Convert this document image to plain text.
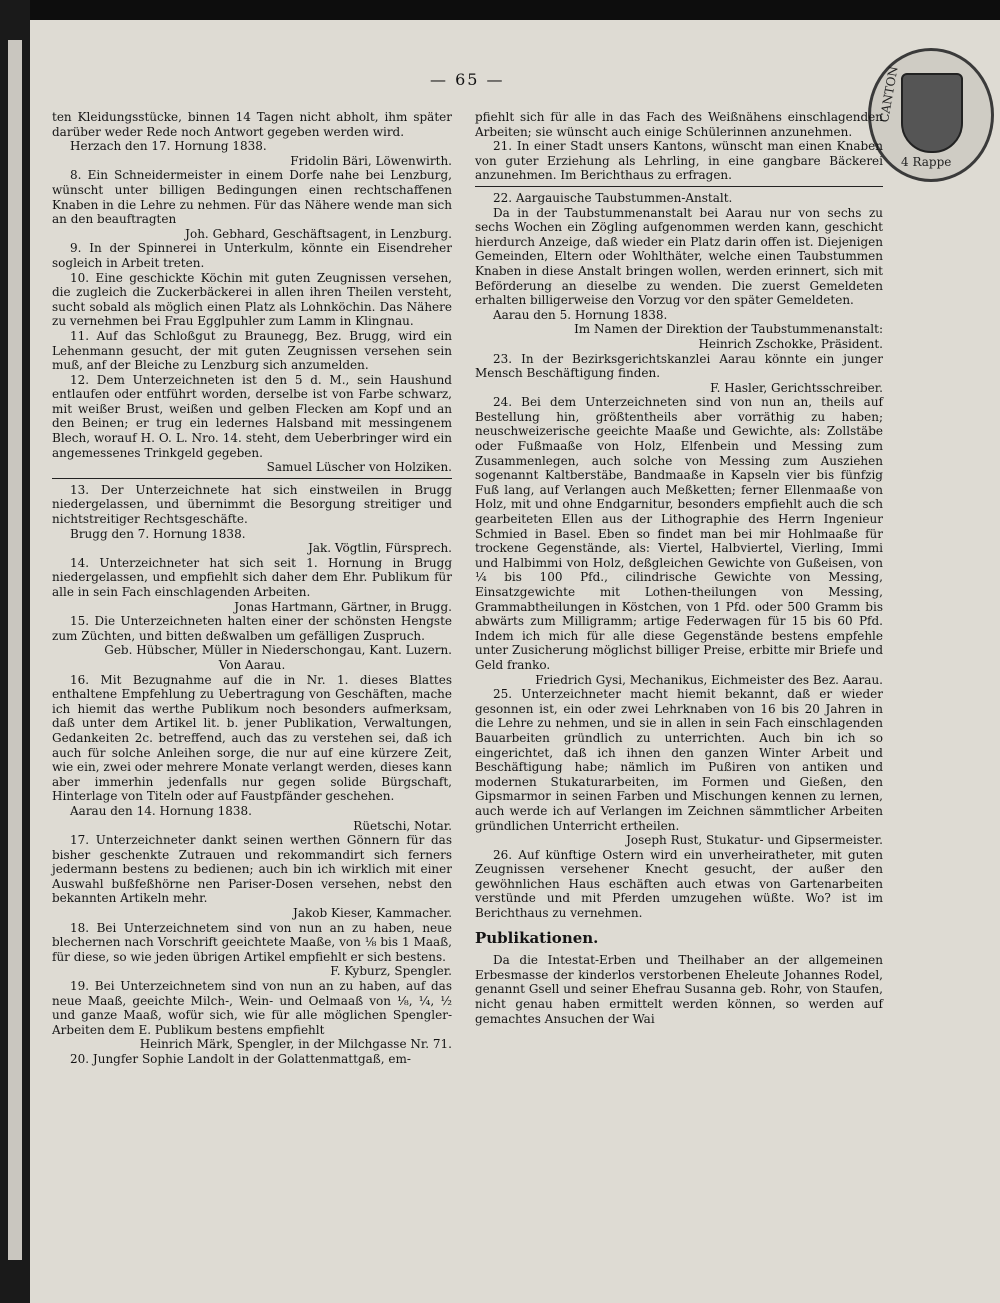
— 65 —	CANTON
4 Rappe

ten Kleidungsstücke, binnen 14 Tagen nicht abholt, ihm später darüber weder Rede noch Antwort gegeben werden wird.

Herzach den 17. Hornung 1838.

Fridolin Bäri, Löwenwirth.

8. Ein Schneidermeister in einem Dorfe nahe bei Lenzburg, wünscht unter billigen Bedingungen einen rechtschaffenen Knaben in die Lehre zu nehmen. Für das Nähere wende man sich an den beauftragten

Joh. Gebhard, Geschäftsagent, in Lenzburg.

9. In der Spinnerei in Unterkulm, könnte ein Eisendreher sogleich in Arbeit treten.

10. Eine geschickte Köchin mit guten Zeugnissen versehen, die zugleich die Zuckerbäckerei in allen ihren Theilen versteht, sucht sobald als möglich einen Platz als Lohnköchin. Das Nähere zu vernehmen bei Frau Egglpuhler zum Lamm in Klingnau.

11. Auf das Schloßgut zu Braunegg, Bez. Brugg, wird ein Lehenmann gesucht, der mit guten Zeugnissen versehen sein muß, anf der Bleiche zu Lenzburg sich anzumelden.

12. Dem Unterzeichneten ist den 5 d. M., sein Haushund entlaufen oder entführt worden, derselbe ist von Farbe schwarz, mit weißer Brust, weißen und gelben Flecken am Kopf und an den Beinen; er trug ein ledernes Halsband mit messingenem Blech, worauf H. O. L. Nro. 14. steht, dem Ueberbringer wird ein angemessenes Trinkgeld gegeben.

Samuel Lüscher von Holziken.

13. Der Unterzeichnete hat sich einstweilen in Brugg niedergelassen, und übernimmt die Besorgung streitiger und nichtstreitiger Rechtsgeschäfte.

Brugg den 7. Hornung 1838.

Jak. Vögtlin, Fürsprech.

14. Unterzeichneter hat sich seit 1. Hornung in Brugg niedergelassen, und empfiehlt sich daher dem Ehr. Publikum für alle in sein Fach einschlagenden Arbeiten.

Jonas Hartmann, Gärtner, in Brugg.

15. Die Unterzeichneten halten einer der schönsten Hengste zum Züchten, und bitten deßwalben um gefälligen Zuspruch.

Geb. Hübscher, Müller in Niederschongau, Kant. Luzern.

Von Aarau.

16. Mit Bezugnahme auf die in Nr. 1. dieses Blattes enthaltene Empfehlung zu Uebertragung von Geschäften, mache ich hiemit das werthe Publikum noch besonders aufmerksam, daß unter dem Artikel lit. b. jener Publikation, Verwaltungen, Gedankeiten 2c. betreffend, auch das zu verstehen sei, daß ich auch für solche Anleihen sorge, die nur auf eine kürzere Zeit, wie ein, zwei oder mehrere Monate verlangt werden, dieses kann aber immerhin jedenfalls nur gegen solide Bürgschaft, Hinterlage von Titeln oder auf Faustpfänder geschehen.

Aarau den 14. Hornung 1838.

Rüetschi, Notar.

17. Unterzeichneter dankt seinen werthen Gönnern für das bisher geschenkte Zutrauen und rekommandirt sich ferners jedermann bestens zu bedienen; auch bin ich wirklich mit einer Auswahl bußfeßhörne nen Pariser-Dosen versehen, nebst den bekannten Artikeln mehr.

Jakob Kieser, Kammacher.

18. Bei Unterzeichnetem sind von nun an zu haben, neue blechernen nach Vorschrift geeichtete Maaße, von ⅛ bis 1 Maaß, für diese, so wie jeden übrigen Artikel empfiehlt er sich bestens.

F. Kyburz, Spengler.

19. Bei Unterzeichnetem sind von nun an zu haben, auf das neue Maaß, geeichte Milch-, Wein- und Oelmaaß von ⅛, ¼, ½ und ganze Maaß, wofür sich, wie für alle möglichen Spengler-Arbeiten dem E. Publikum bestens empfiehlt

Heinrich Märk, Spengler, in der Milchgasse Nr. 71.

20. Jungfer Sophie Landolt in der Golattenmattgaß, em-

pfiehlt sich für alle in das Fach des Weißnähens einschlagenden Arbeiten; sie wünscht auch einige Schülerinnen anzunehmen.

21. In einer Stadt unsers Kantons, wünscht man einen Knaben von guter Erziehung als Lehrling, in eine gangbare Bäckerei anzunehmen. Im Berichthaus zu erfragen.

22. Aargauische Taubstummen-Anstalt.

Da in der Taubstummenanstalt bei Aarau nur von sechs zu sechs Wochen ein Zögling aufgenommen werden kann, geschicht hierdurch Anzeige, daß wieder ein Platz darin offen ist. Diejenigen Gemeinden, Eltern oder Wohlthäter, welche einen Taubstummen Knaben in diese Anstalt bringen wollen, werden erinnert, sich mit Beförderung an dieselbe zu wenden. Die zuerst Gemeldeten erhalten billigerweise den Vorzug vor den später Gemeldeten.

Aarau den 5. Hornung 1838.

Im Namen der Direktion der Taubstummenanstalt:

Heinrich Zschokke, Präsident.

23. In der Bezirksgerichtskanzlei Aarau könnte ein junger Mensch Beschäftigung finden.

F. Hasler, Gerichtsschreiber.

24. Bei dem Unterzeichneten sind von nun an, theils auf Bestellung hin, größtentheils aber vorräthig zu haben; neuschweizerische geeichte Maaße und Gewichte, als: Zollstäbe oder Fußmaaße von Holz, Elfenbein und Messing zum Zusammenlegen, auch solche von Messing zum Ausziehen sogenannt Kaltberstäbe, Bandmaaße in Kapseln vier bis fünfzig Fuß lang, auf Verlangen auch Meßketten; ferner Ellenmaaße von Holz, mit und ohne Endgarnitur, besonders empfiehlt auch die sch gearbeiteten Ellen aus der Lithographie des Herrn Ingenieur Schmied in Basel. Eben so findet man bei mir Hohlmaaße für trockene Gegenstände, als: Viertel, Halbviertel, Vierling, Immi und Halbimmi von Holz, deßgleichen Gewichte von Gußeisen, von ¼ bis 100 Pfd., cilindrische Gewichte von Messing, Einsatzgewichte mit Lothen-theilungen von Messing, Grammabtheilungen in Köstchen, von 1 Pfd. oder 500 Gramm bis abwärts zum Milligramm; artige Federwagen für 15 bis 60 Pfd. Indem ich mich für alle diese Gegenstände bestens empfehle unter Zusicherung möglichst billiger Preise, erbitte mir Briefe und Geld franko.

Friedrich Gysi, Mechanikus, Eichmeister des Bez. Aarau.

25. Unterzeichneter macht hiemit bekannt, daß er wieder gesonnen ist, ein oder zwei Lehrknaben von 16 bis 20 Jahren in die Lehre zu nehmen, und sie in allen in sein Fach einschlagenden Bauarbeiten gründlich zu unterrichten. Auch bin ich so eingerichtet, daß ich ihnen den ganzen Winter Arbeit und Beschäftigung habe; nämlich im Pußiren von antiken und modernen Stukaturarbeiten, im Formen und Gießen, den Gipsmarmor in seinen Farben und Mischungen kennen zu lernen, auch werde ich auf Verlangen im Zeichnen sämmtlicher Arbeiten gründlichen Unterricht ertheilen.

Joseph Rust, Stukatur- und Gipsermeister.

26. Auf künftige Ostern wird ein unverheiratheter, mit guten Zeugnissen versehener Knecht gesucht, der außer den gewöhnlichen Haus eschäften auch etwas von Gartenarbeiten verstünde und mit Pferden umzugehen wüßte. Wo? ist im Berichthaus zu vernehmen.

Publikationen.

Da die Intestat-Erben und Theilhaber an der allgemeinen Erbesmasse der kinderlos verstorbenen Eheleute Johannes Rodel, genannt Gsell und seiner Ehefrau Susanna geb. Rohr, von Staufen, nicht genau haben ermittelt werden können, so werden auf gemachtes Ansuchen der Wai
